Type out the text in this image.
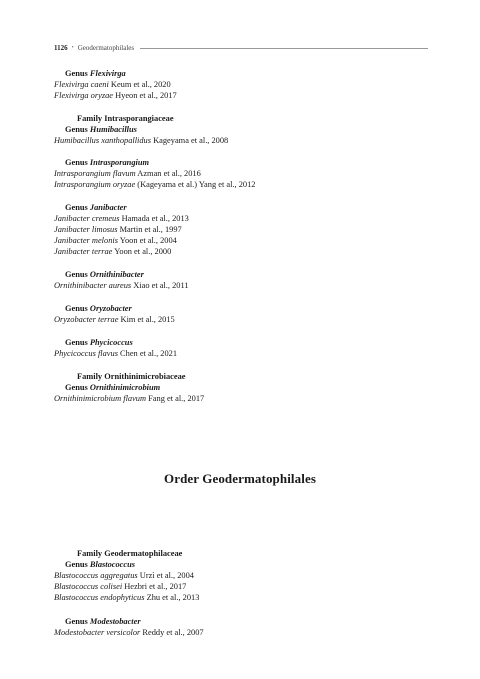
1126 • Geodermatophilales
Genus Flexivirga
Flexivirga caeni Keum et al., 2020
Flexivirga oryzae Hyeon et al., 2017
Family Intrasporangiaceae
Genus Humibacillus
Humibacillus xanthopallidus Kageyama et al., 2008
Genus Intrasporangium
Intrasporangium flavum Azman et al., 2016
Intrasporangium oryzae (Kageyama et al.) Yang et al., 2012
Genus Janibacter
Janibacter cremeus Hamada et al., 2013
Janibacter limosus Martin et al., 1997
Janibacter melonis Yoon et al., 2004
Janibacter terrae Yoon et al., 2000
Genus Ornithinibacter
Ornithinibacter aureus Xiao et al., 2011
Genus Oryzobacter
Oryzobacter terrae Kim et al., 2015
Genus Phycicoccus
Phycicoccus flavus Chen et al., 2021
Family Ornithinimicrobiaceae
Genus Ornithinimicrobium
Ornithinimicrobium flavum Fang et al., 2017
Order Geodermatophilales
Family Geodermatophilaceae
Genus Blastococcus
Blastococcus aggregatus Urzì et al., 2004
Blastococcus colisei Hezbri et al., 2017
Blastococcus endophyticus Zhu et al., 2013
Genus Modestobacter
Modestobacter versicolor Reddy et al., 2007
